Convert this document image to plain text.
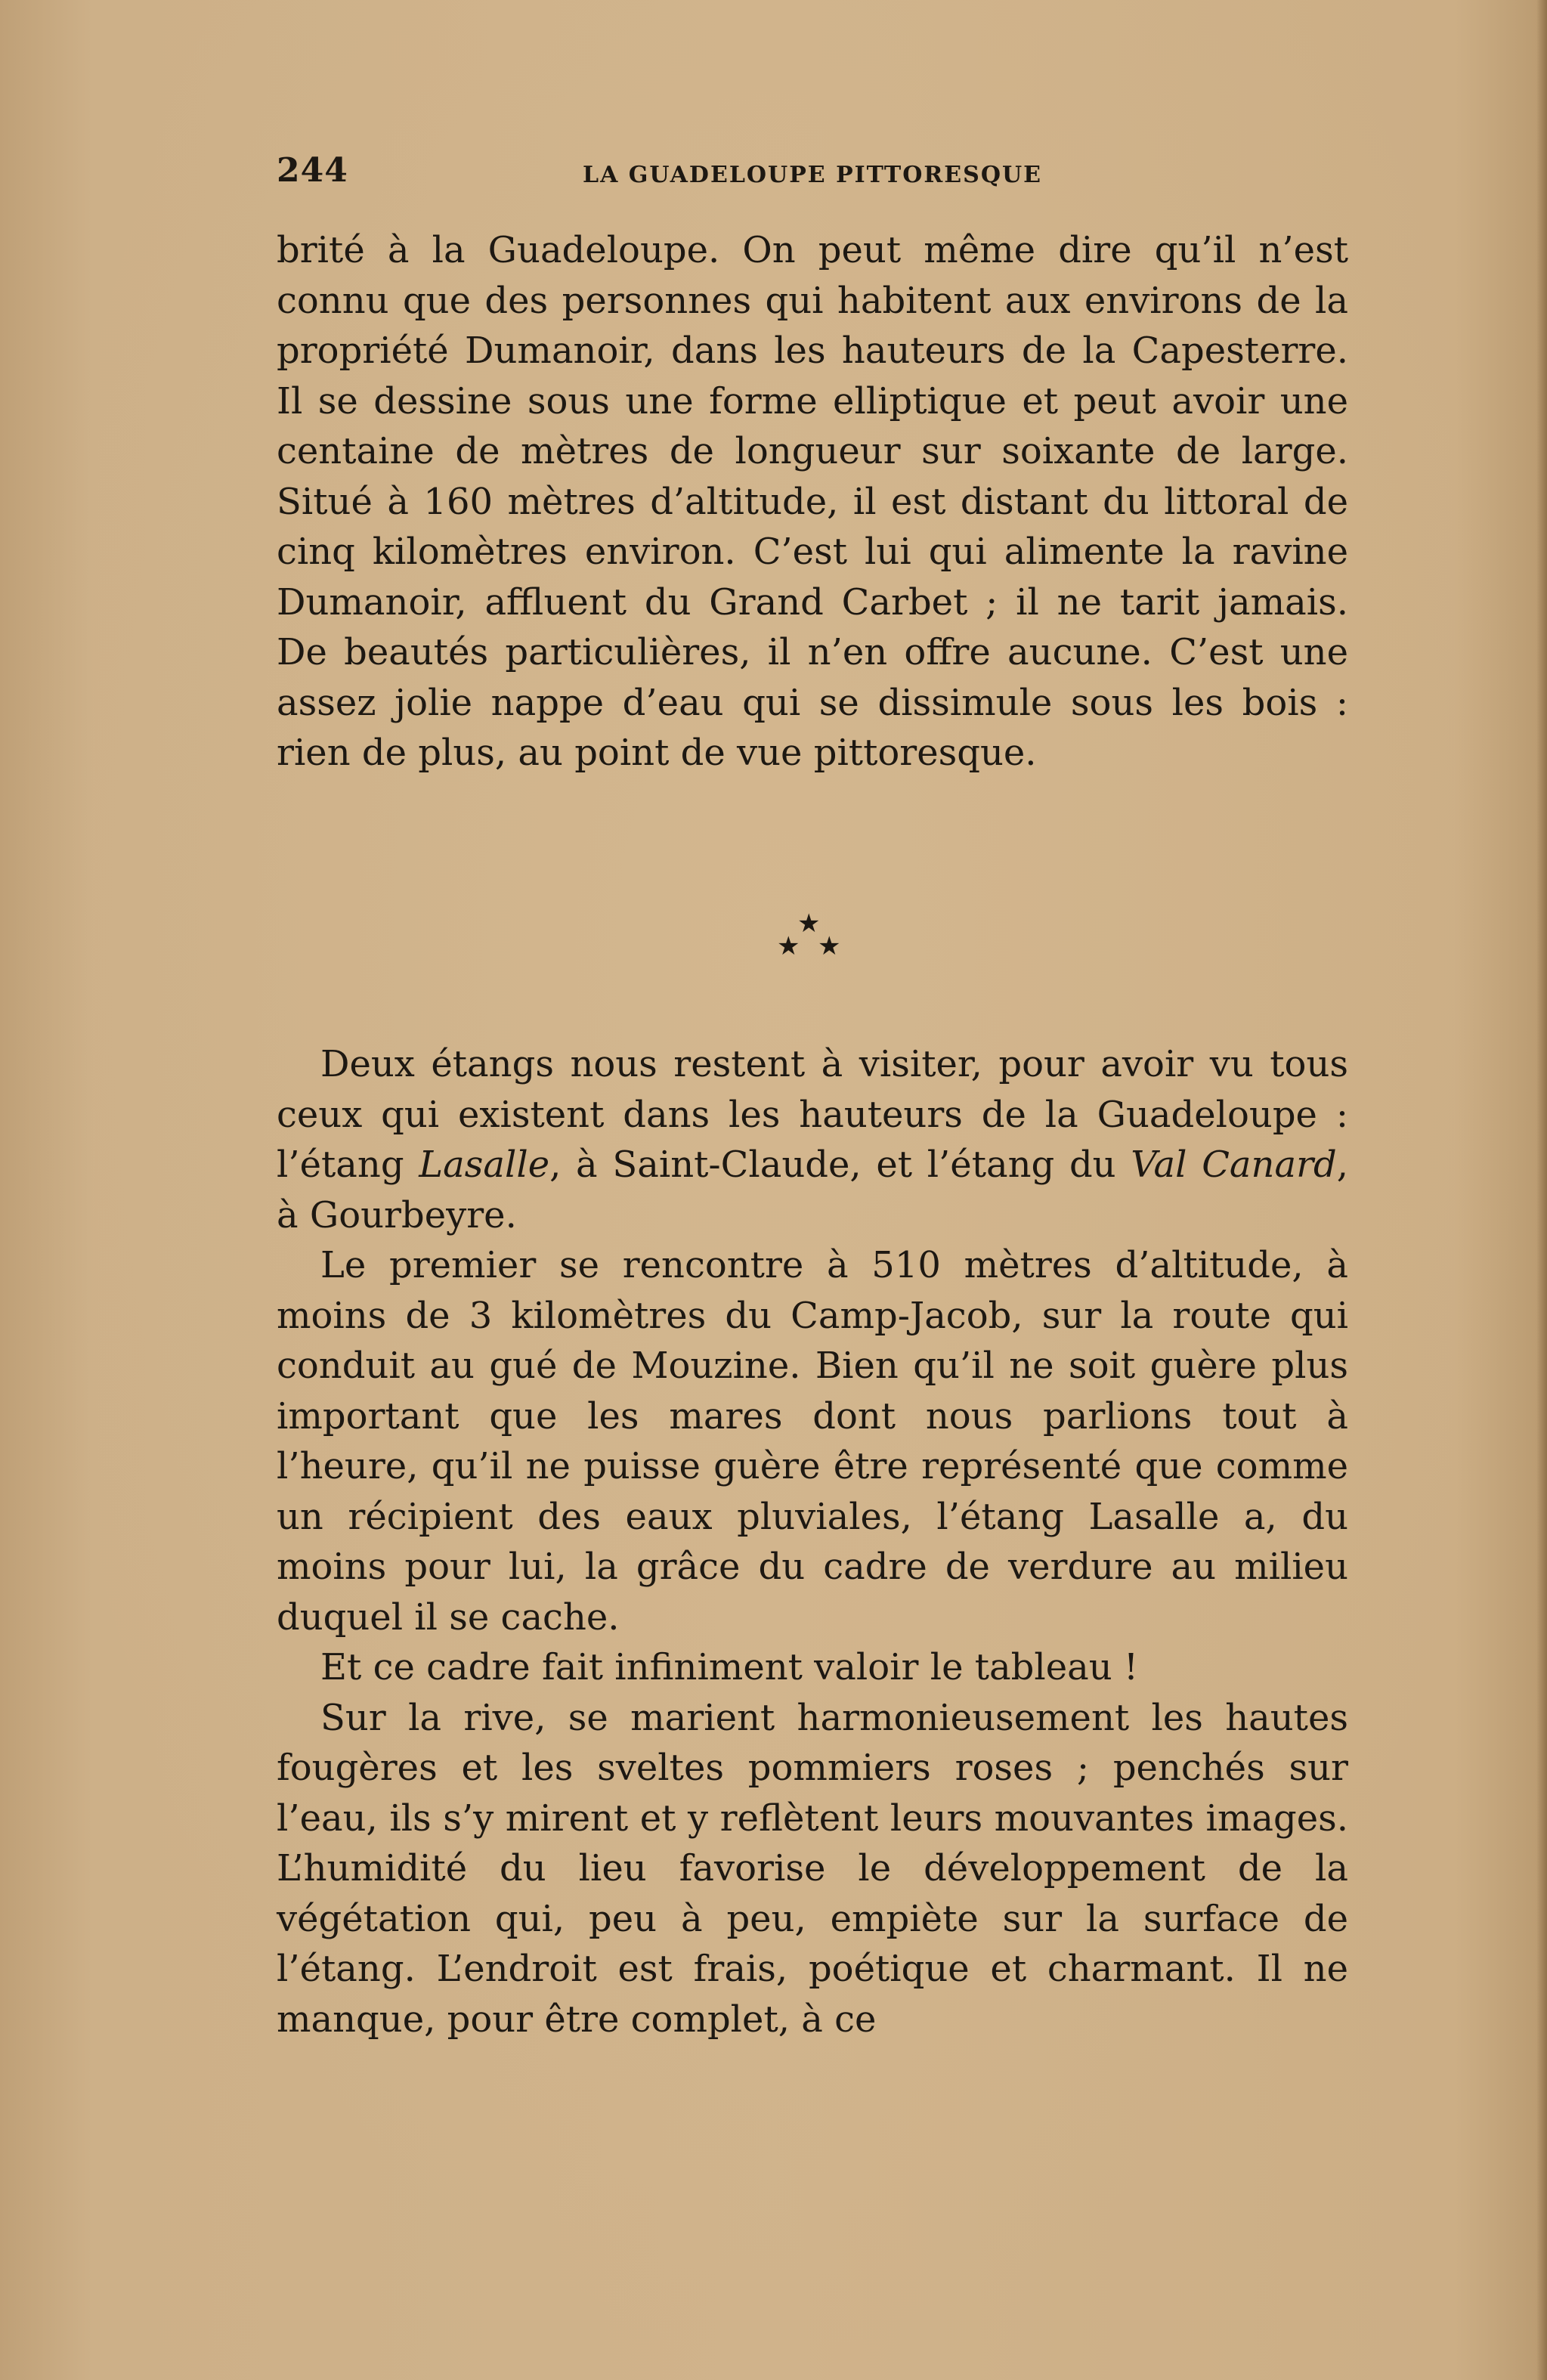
244	LA GUADELOUPE PITTORESQUE

brité à la Guadeloupe. On peut même dire qu’il n’est connu que des personnes qui habitent aux environs de la propriété Dumanoir, dans les hauteurs de la Capesterre. Il se dessine sous une forme elliptique et peut avoir une centaine de mètres de longueur sur soixante de large. Situé à 160 mètres d’altitude, il est distant du littoral de cinq kilomètres environ. C’est lui qui alimente la ravine Dumanoir, affluent du Grand Carbet ; il ne tarit jamais. De beautés particulières, il n’en offre aucune. C’est une assez jolie nappe d’eau qui se dissimule sous les bois : rien de plus, au point de vue pittoresque.

★
★ ★

Deux étangs nous restent à visiter, pour avoir vu tous ceux qui existent dans les hauteurs de la Guadeloupe : l’étang Lasalle, à Saint-Claude, et l’étang du Val Canard, à Gourbeyre.

Le premier se rencontre à 510 mètres d’altitude, à moins de 3 kilomètres du Camp-Jacob, sur la route qui conduit au gué de Mouzine. Bien qu’il ne soit guère plus important que les mares dont nous parlions tout à l’heure, qu’il ne puisse guère être représenté que comme un récipient des eaux pluviales, l’étang Lasalle a, du moins pour lui, la grâce du cadre de verdure au milieu duquel il se cache.

Et ce cadre fait infiniment valoir le tableau !

Sur la rive, se marient harmonieusement les hautes fougères et les sveltes pommiers roses ; penchés sur l’eau, ils s’y mirent et y reflètent leurs mouvantes images. L’humidité du lieu favorise le développement de la végétation qui, peu à peu, empiète sur la surface de l’étang. L’endroit est frais, poétique et charmant. Il ne manque, pour être complet, à ce
